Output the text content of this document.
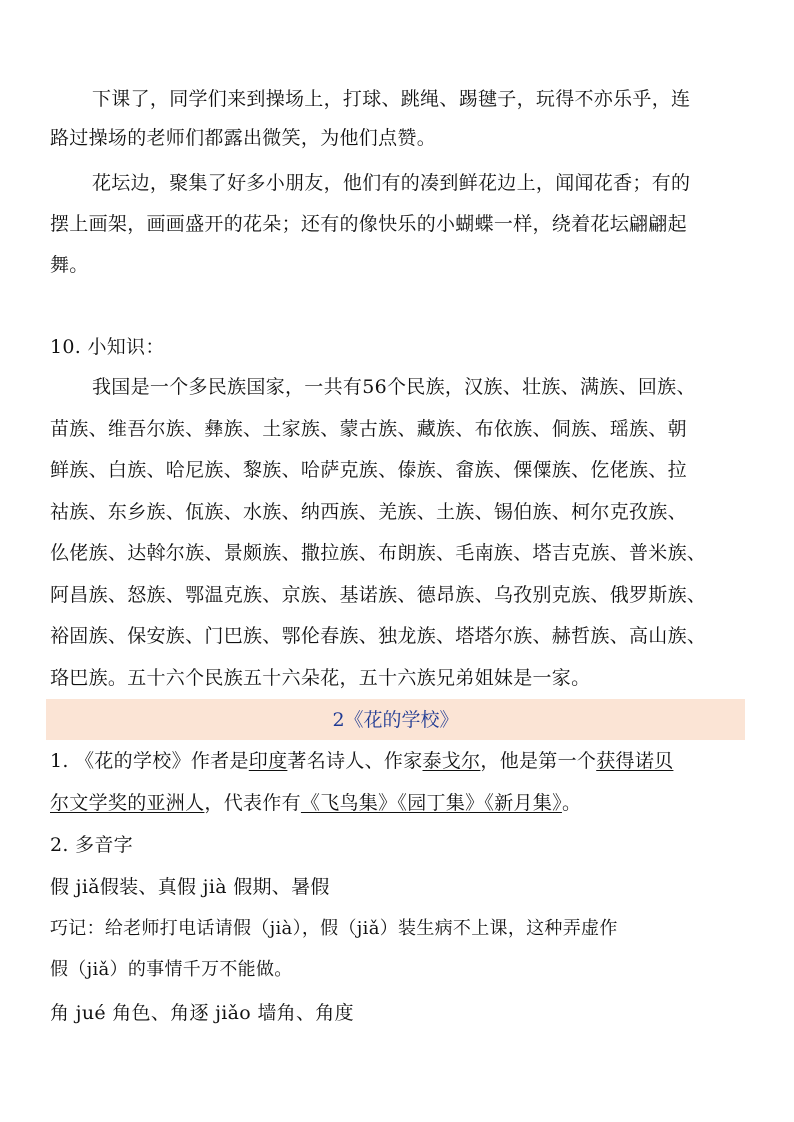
下课了，同学们来到操场上，打球、跳绳、踢毽子，玩得不亦乐乎，连
路过操场的老师们都露出微笑，为他们点赞。
花坛边，聚集了好多小朋友，他们有的凑到鲜花边上，闻闻花香；有的
摆上画架，画画盛开的花朵；还有的像快乐的小蝴蝶一样，绕着花坛翩翩起
舞。
10. 小知识：
我国是一个多民族国家，一共有56个民族，汉族、壮族、满族、回族、
苗族、维吾尔族、彝族、土家族、蒙古族、藏族、布依族、侗族、瑶族、朝
鲜族、白族、哈尼族、黎族、哈萨克族、傣族、畲族、傈僳族、仡佬族、拉
祜族、东乡族、佤族、水族、纳西族、羌族、土族、锡伯族、柯尔克孜族、
仫佬族、达斡尔族、景颇族、撒拉族、布朗族、毛南族、塔吉克族、普米族、
阿昌族、怒族、鄂温克族、京族、基诺族、德昂族、乌孜别克族、俄罗斯族、
裕固族、保安族、门巴族、鄂伦春族、独龙族、塔塔尔族、赫哲族、高山族、
珞巴族。五十六个民族五十六朵花，五十六族兄弟姐妹是一家。
2《花的学校》
1. 《花的学校》作者是印度著名诗人、作家泰戈尔，他是第一个获得诺贝
尔文学奖的亚洲人，代表作有《飞鸟集》《园丁集》《新月集》。
2. 多音字
假 jiǎ假装、真假 jià 假期、暑假
巧记：给老师打电话请假（jià），假（jiǎ）装生病不上课，这种弄虚作
假（jiǎ）的事情千万不能做。
角 jué 角色、角逐 jiǎo 墙角、角度
